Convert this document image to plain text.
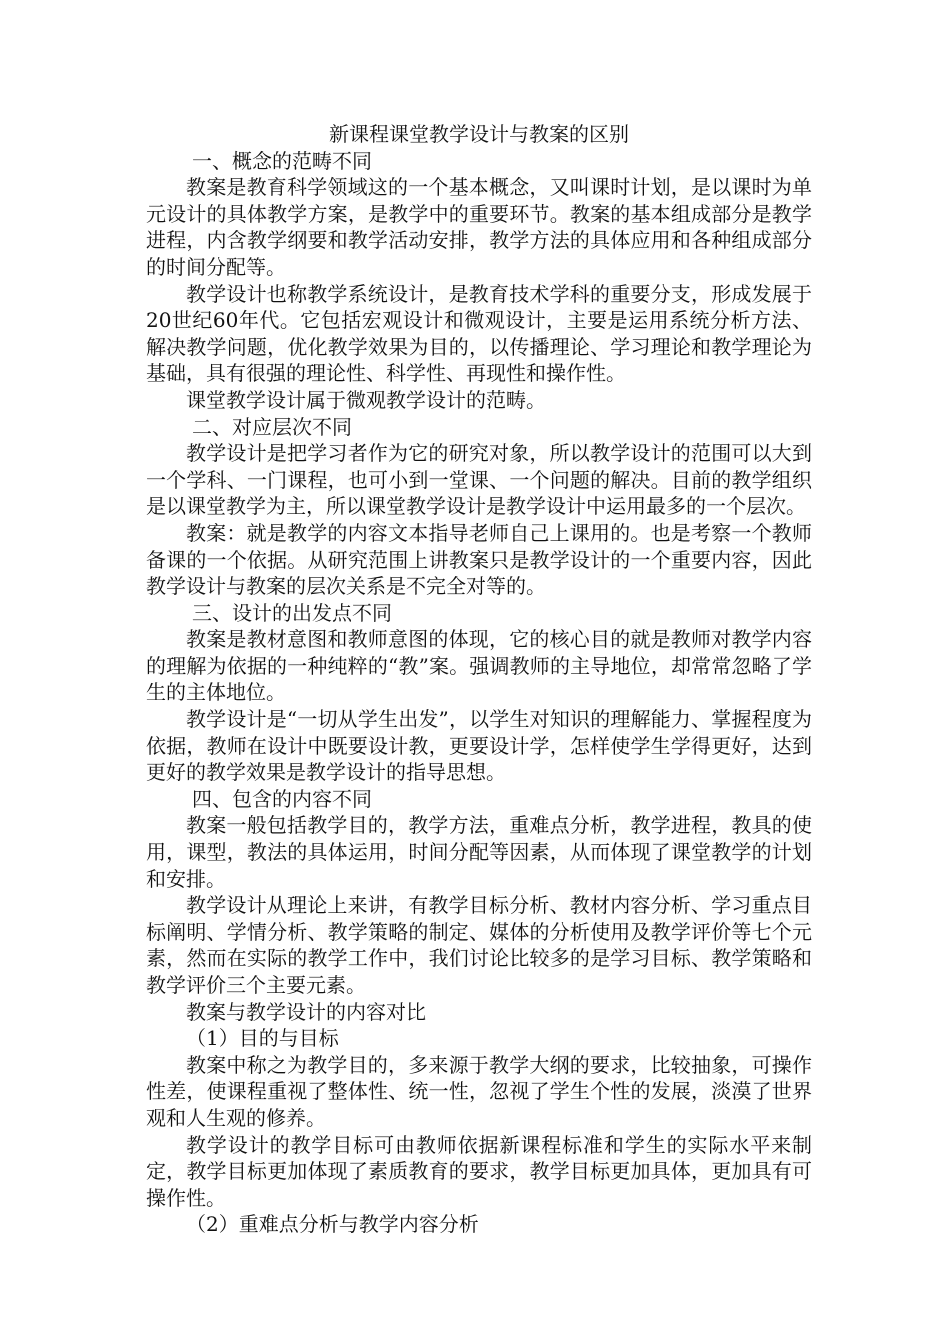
新课程课堂教学设计与教案的区别

一、概念的范畴不同

教案是教育科学领域这的一个基本概念，又叫课时计划，是以课时为单元设计的具体教学方案，是教学中的重要环节。教案的基本组成部分是教学进程，内含教学纲要和教学活动安排，教学方法的具体应用和各种组成部分的时间分配等。

教学设计也称教学系统设计，是教育技术学科的重要分支，形成发展于20世纪60年代。它包括宏观设计和微观设计，主要是运用系统分析方法、解决教学问题，优化教学效果为目的，以传播理论、学习理论和教学理论为基础，具有很强的理论性、科学性、再现性和操作性。

课堂教学设计属于微观教学设计的范畴。

二、对应层次不同

教学设计是把学习者作为它的研究对象，所以教学设计的范围可以大到一个学科、一门课程，也可小到一堂课、一个问题的解决。目前的教学组织是以课堂教学为主，所以课堂教学设计是教学设计中运用最多的一个层次。

教案：就是教学的内容文本指导老师自己上课用的。也是考察一个教师备课的一个依据。从研究范围上讲教案只是教学设计的一个重要内容，因此教学设计与教案的层次关系是不完全对等的。

三、设计的出发点不同

教案是教材意图和教师意图的体现，它的核心目的就是教师对教学内容的理解为依据的一种纯粹的“教”案。强调教师的主导地位，却常常忽略了学生的主体地位。

教学设计是“一切从学生出发”，以学生对知识的理解能力、掌握程度为依据，教师在设计中既要设计教，更要设计学，怎样使学生学得更好，达到更好的教学效果是教学设计的指导思想。

四、包含的内容不同

教案一般包括教学目的，教学方法，重难点分析，教学进程，教具的使用，课型，教法的具体运用，时间分配等因素，从而体现了课堂教学的计划和安排。

教学设计从理论上来讲，有教学目标分析、教材内容分析、学习重点目标阐明、学情分析、教学策略的制定、媒体的分析使用及教学评价等七个元素，然而在实际的教学工作中，我们讨论比较多的是学习目标、教学策略和教学评价三个主要元素。

教案与教学设计的内容对比

（1）目的与目标

教案中称之为教学目的，多来源于教学大纲的要求，比较抽象，可操作性差，使课程重视了整体性、统一性，忽视了学生个性的发展，淡漠了世界观和人生观的修养。

教学设计的教学目标可由教师依据新课程标准和学生的实际水平来制定，教学目标更加体现了素质教育的要求，教学目标更加具体，更加具有可操作性。

（2）重难点分析与教学内容分析
